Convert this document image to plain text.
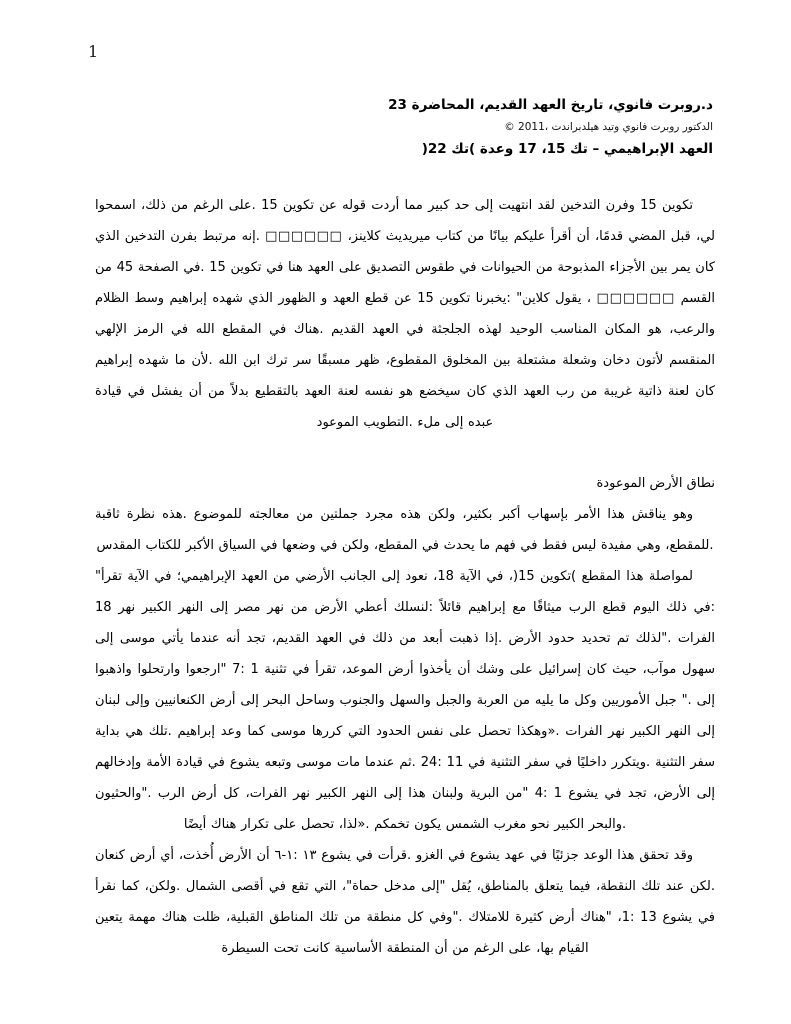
1
د.روبرت فانوي، تاريخ العهد القديم، المحاضرة 23
الدكتور روبرت فانوي وتيد هيلدبراندت ،2011 ©
العهد الإبراهيمي – تك 15، 17 وعدة )تك 22(

تكوين 15 وفرن التدخين لقد انتهيت إلى حد كبير مما أردت قوله عن تكوين 15 .على الرغم من ذلك، اسمحوا لي، قبل المضي قدمًا، أن أقرأ عليكم بيانًا من كتاب ميريديث كلاينز، □□□□□□ .إنه مرتبط بفرن التدخين الذي كان يمر بين الأجزاء المذبوحة من الحيوانات في طقوس التصديق على العهد هنا في تكوين 15 .في الصفحة 45 من القسم □□□□□□ ، يقول كلاين" :يخبرنا تكوين 15 عن قطع العهد و الظهور الذي شهده إبراهيم وسط الظلام والرعب، هو المكان المناسب الوحيد لهذه الجلجثة في العهد القديم .هناك في المقطع الله في الرمز الإلهي المنقسم لأتون دخان وشعلة مشتعلة بين المخلوق المقطوع، ظهر مسبقًا سر ترك ابن الله .لأن ما شهده إبراهيم كان لعنة ذاتية غريبة من رب العهد الذي كان سيخضع هو نفسه لعنة العهد بالتقطيع بدلاً من أن يفشل في قيادة عبده إلى ملء .التطويب الموعود

نطاق الأرض الموعودة

وهو يناقش هذا الأمر بإسهاب أكبر بكثير، ولكن هذه مجرد جملتين من معالجته للموضوع .هذه نظرة ثاقبة .للمقطع، وهي مفيدة ليس فقط في فهم ما يحدث في المقطع، ولكن في وضعها في السياق الأكبر للكتاب المقدس

لمواصلة هذا المقطع )تكوين 15(، في الآية 18، نعود إلى الجانب الأرضي من العهد الإبراهيمي؛ في الآية تقرأ" :في ذلك اليوم قطع الرب ميثاقًا مع إبراهيم قائلاً :لنسلك أعطي الأرض من نهر مصر إلى النهر الكبير نهر 18 الفرات ."لذلك تم تحديد حدود الأرض .إذا ذهبت أبعد من ذلك في العهد القديم، تجد أنه عندما يأتي موسى إلى سهول موآب، حيث كان إسرائيل على وشك أن يأخذوا أرض الموعد، تقرأ في تثنية 1 :7 "ارجعوا وارتحلوا واذهبوا إلى ." جبل الأموريين وكل ما يليه من العربة والجبل والسهل والجنوب وساحل البحر إلى أرض الكنعانيين وإلى لبنان إلى النهر الكبير نهر الفرات .«وهكذا تحصل على نفس الحدود التي كررها موسى كما وعد إبراهيم .تلك هي بداية سفر التثنية .ويتكرر داخليًا في سفر التثنية في 11 :24 .ثم عندما مات موسى وتبعه يشوع في قيادة الأمة وإدخالهم إلى الأرض، تجد في يشوع 1 :4 "من البرية ولبنان هذا إلى النهر الكبير نهر الفرات، كل أرض الرب ."والحثيون .والبحر الكبير نحو مغرب الشمس يكون تخمكم .«لذا، تحصل على تكرار هناك أيضًا

وقد تحقق هذا الوعد جزئيًا في عهد يشوع في الغزو .قرأت في يشوع ١٣ :١-٦ أن الأرض أُخذت، أي أرض كنعان .لكن عند تلك النقطة، فيما يتعلق بالمناطق، يُقل "إلى مدخل حماة"، التي تقع في أقصى الشمال .ولكن، كما نقرأ في يشوع 13 :1، "هناك أرض كثيرة للامتلاك ."وفي كل منطقة من تلك المناطق القبلية، ظلت هناك مهمة يتعين القيام بها، على الرغم من أن المنطقة الأساسية كانت تحت السيطرة
